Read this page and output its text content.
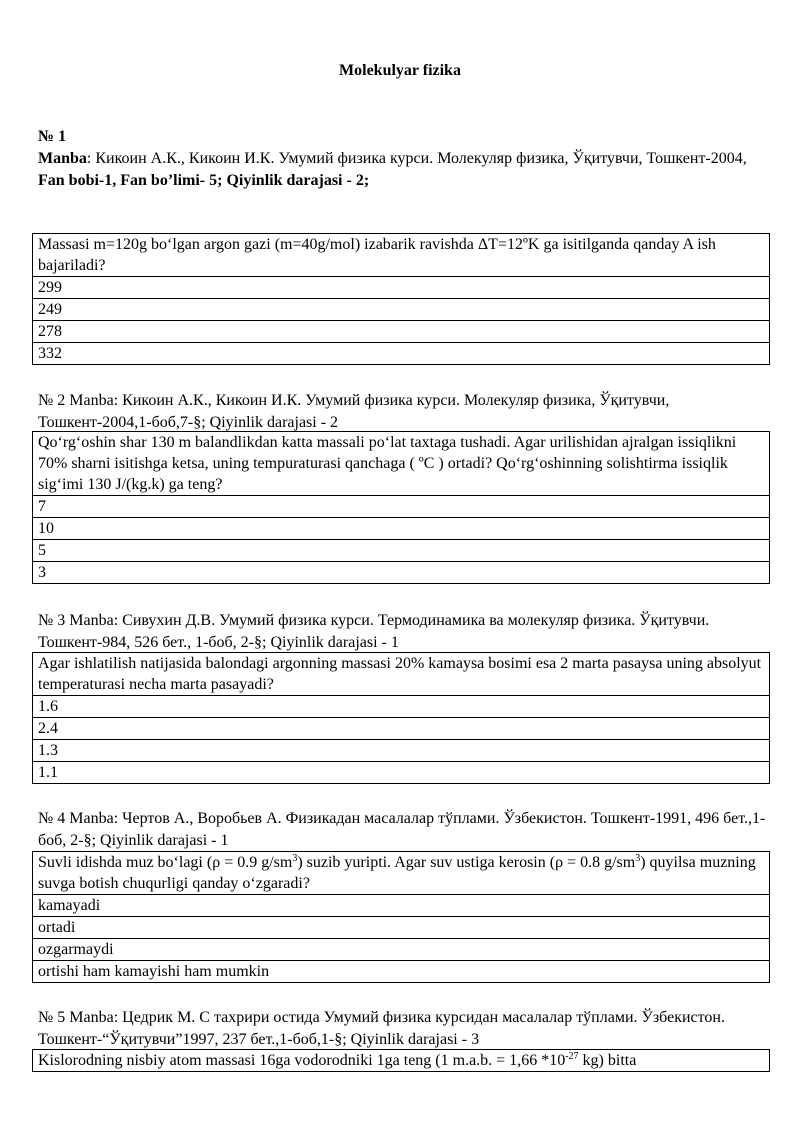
Molekulyar fizika
№ 1
Manba: Кикоин А.К., Кикоин И.К. Умумий физика курси. Молекуляр физика, Ўқитувчи, Тошкент-2004,
Fan bobi-1, Fan bo’limi- 5; Qiyinlik darajasi - 2;
Massasi m=120g bo‘lgan argon gazi (m=40g/mol) izabarik ravishda ΔT=12ºK ga isitilganda qanday A ish bajariladi?
299
249
278
332
№ 2 Manba: Кикоин А.К., Кикоин И.К. Умумий физика курси. Молекуляр физика, Ўқитувчи, Тошкент-2004,1-боб,7-§; Qiyinlik darajasi - 2
Qo‘rg‘oshin shar 130 m balandlikdan katta massali po‘lat taxtaga tushadi. Agar urilishidan ajralgan issiqlikni 70% sharni isitishga ketsa, uning tempuraturasi qanchaga ( ºC ) ortadi? Qo‘rg‘oshinning solishtirma issiqlik sig‘imi 130 J/(kg.k) ga teng?
7
10
5
3
№ 3 Manba: Сивухин Д.В. Умумий физика курси. Термодинамика ва молекуляр физика. Ўқитувчи. Тошкент-984, 526 бет., 1-боб, 2-§; Qiyinlik darajasi - 1
Agar ishlatilish natijasida balondagi argonning massasi 20% kamaysa bosimi esa 2 marta pasaysa uning absolyut temperaturasi necha marta pasayadi?
1.6
2.4
1.3
1.1
№ 4 Manba: Чертов А., Воробьев А. Физикадан масалалар тўплами. Ўзбекистон. Тошкент-1991, 496 бет.,1-боб, 2-§; Qiyinlik darajasi - 1
Suvli idishda muz bo‘lagi (ρ = 0.9 $g/sm^3$) suzib yuripti. Agar suv ustiga kerosin (ρ = 0.8 $g/sm^3$) quyilsa muzning suvga botish chuqurligi qanday o‘zgaradi?
kamayadi
ortadi
ozgarmaydi
ortishi ham kamayishi ham mumkin
№ 5 Manba: Цедрик М. С тахрири остида Умумий физика курсидан масалалар тўплами. Ўзбекистон. Тошкент-“Ўқитувчи”1997, 237 бет.,1-боб,1-§; Qiyinlik darajasi - 3
Kislorodning nisbiy atom massasi 16ga vodorodniki 1ga teng (1 m.a.b. = 1,66 $*10^{-27}$ kg) bitta
